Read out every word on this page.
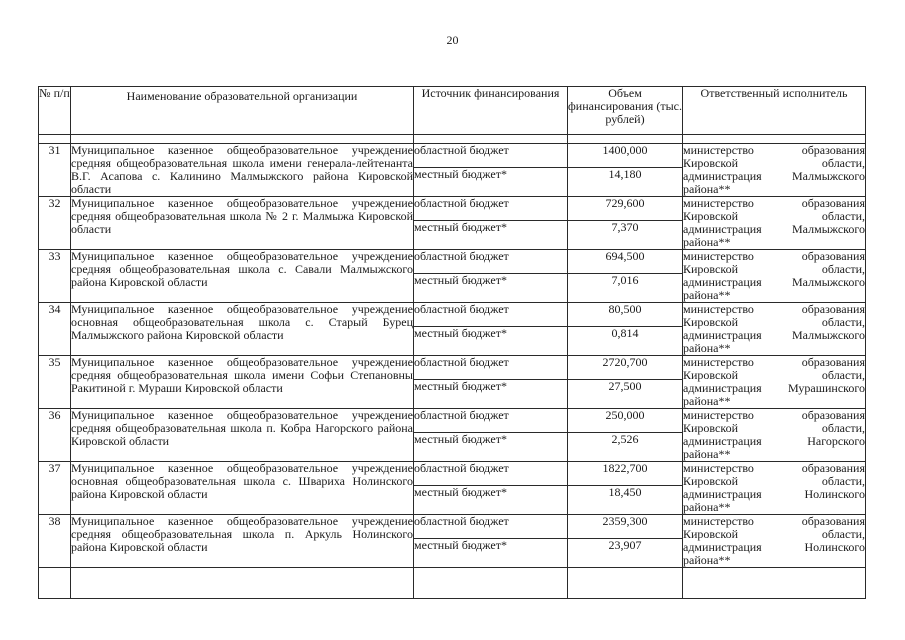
20
№ п/п	Наименование образовательной организации	Источник финансирования	Объем финансирования (тыс. рублей)	Ответственный исполнитель

31	Муниципальное казенное общеобразовательное учреждение средняя общеобразовательная школа имени генерала-лейтенанта В.Г. Асапова с. Калинино Малмыжского района Кировской области	областной бюджет	1400,000	министерство образования Кировской области, администрация Малмыжского района**
		местный бюджет*	14,180	
32	Муниципальное казенное общеобразовательное учреждение средняя общеобразовательная школа № 2 г. Малмыжа Кировской области	областной бюджет	729,600	министерство образования Кировской области, администрация Малмыжского района**
		местный бюджет*	7,370	
33	Муниципальное казенное общеобразовательное учреждение средняя общеобразовательная школа с. Савали Малмыжского района Кировской области	областной бюджет	694,500	министерство образования Кировской области, администрация Малмыжского района**
		местный бюджет*	7,016	
34	Муниципальное казенное общеобразовательное учреждение основная общеобразовательная школа с. Старый Бурец Малмыжского района Кировской области	областной бюджет	80,500	министерство образования Кировской области, администрация Малмыжского района**
		местный бюджет*	0,814	
35	Муниципальное казенное общеобразовательное учреждение средняя общеобразовательная школа имени Софьи Степановны Ракитиной г. Мураши Кировской области	областной бюджет	2720,700	министерство образования Кировской области, администрация Мурашинского района**
		местный бюджет*	27,500	
36	Муниципальное казенное общеобразовательное учреждение средняя общеобразовательная школа п. Кобра Нагорского района Кировской области	областной бюджет	250,000	министерство образования Кировской области, администрация Нагорского района**
		местный бюджет*	2,526	
37	Муниципальное казенное общеобразовательное учреждение основная общеобразовательная школа с. Швариха Нолинского района Кировской области	областной бюджет	1822,700	министерство образования Кировской области, администрация Нолинского района**
		местный бюджет*	18,450	
38	Муниципальное казенное общеобразовательное учреждение средняя общеобразовательная школа п. Аркуль Нолинского района Кировской области	областной бюджет	2359,300	министерство образования Кировской области, администрация Нолинского района**
		местный бюджет*	23,907	
